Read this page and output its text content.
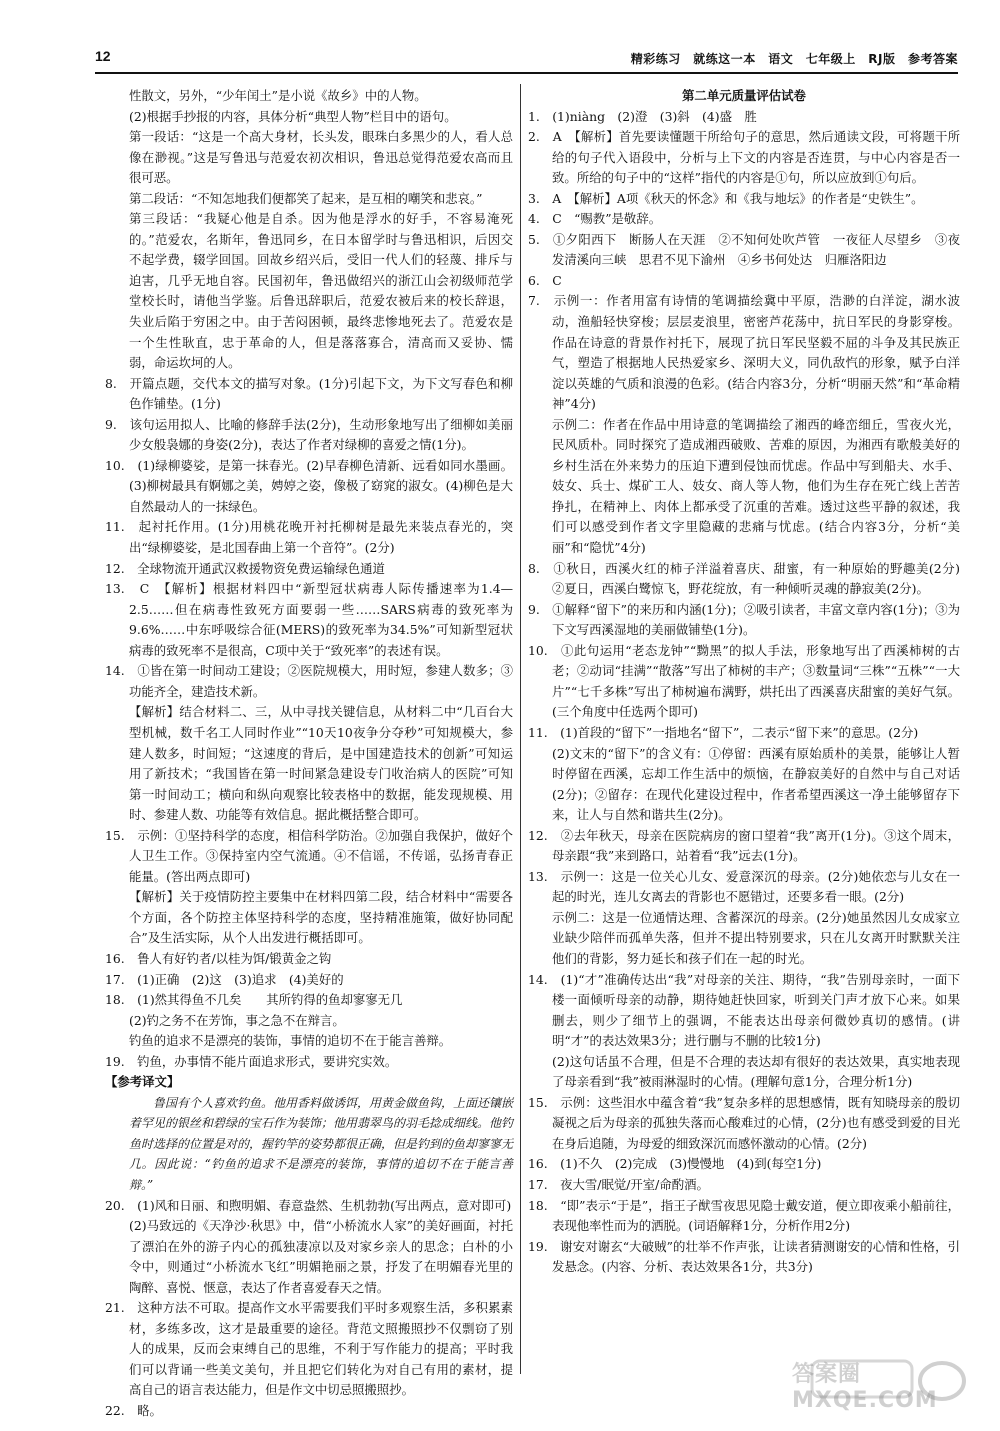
12	精彩练习　就练这一本　语文　七年级上　RJ版　参考答案

性散文，另外，“少年闰土”是小说《故乡》中的人物。

(2)根据手抄报的内容，具体分析“典型人物”栏目中的语句。

第一段话：“这是一个高大身材，长头发，眼珠白多黑少的人，看人总像在渺视。”这是写鲁迅与范爱农初次相识，鲁迅总觉得范爱农高而且很可恶。

第二段话：“不知怎地我们便都笑了起来，是互相的嘲笑和悲哀。”

第三段话：“我疑心他是自杀。因为他是浮水的好手，不容易淹死的。”范爱农，名斯年，鲁迅同乡，在日本留学时与鲁迅相识，后因交不起学费，辍学回国。回故乡绍兴后，受旧一代人们的轻蔑、排斥与迫害，几乎无地自容。民国初年，鲁迅做绍兴的浙江山会初级师范学堂校长时，请他当学鉴。后鲁迅辞职后，范爱农被后来的校长辞退，失业后陷于穷困之中。由于苦闷困顿，最终悲惨地死去了。范爱农是一个生性耿直，忠于革命的人，但是落落寡合，清高而又妥协、懦弱，命运坎坷的人。

8.　开篇点题，交代本文的描写对象。(1分)引起下文，为下文写春色和柳色作铺垫。(1分)

9.　该句运用拟人、比喻的修辞手法(2分)，生动形象地写出了细柳如美丽少女般袅娜的身姿(2分)，表达了作者对绿柳的喜爱之情(1分)。

10.　(1)绿柳婆娑，是第一抹春光。(2)早春柳色清新、远看如同水墨画。(3)柳树最具有婀娜之美，娉婷之姿，像极了窈窕的淑女。(4)柳色是大自然最动人的一抹绿色。

11.　起衬托作用。(1分)用桃花晚开衬托柳树是最先来装点春光的，突出“绿柳婆娑，是北国春曲上第一个音符”。(2分)

12.　全球物流开通武汉救援物资免费运输绿色通道

13.　C　【解析】根据材料四中“新型冠状病毒人际传播速率为1.4—2.5……但在病毒性致死方面要弱一些……SARS病毒的致死率为9.6%……中东呼吸综合征(MERS)的致死率为34.5%”可知新型冠状病毒的致死率不是很高，C项中关于“致死率”的表述有误。

14.　①皆在第一时间动工建设；②医院规模大，用时短，参建人数多；③功能齐全，建造技术新。

【解析】结合材料二、三，从中寻找关键信息，从材料二中“几百台大型机械，数千名工人同时作业”“10天10夜争分夺秒”可知规模大，参建人数多，时间短；“这速度的背后，是中国建造技术的创新”可知运用了新技术；“我国皆在第一时间紧急建设专门收治病人的医院”可知第一时间动工；横向和纵向观察比较表格中的数据，能发现规模、用时、参建人数、功能等有效信息。据此概括整合即可。

15.　示例：①坚持科学的态度，相信科学防治。②加强自我保护，做好个人卫生工作。③保持室内空气流通。④不信谣，不传谣，弘扬青春正能量。(答出两点即可)

【解析】关于疫情防控主要集中在材料四第二段，结合材料中“需要各个方面，各个防控主体坚持科学的态度，坚持精准施策，做好协同配合”及生活实际，从个人出发进行概括即可。

16.　鲁人有好钓者/以桂为饵/锻黄金之钩

17.　(1)正确　(2)这　(3)追求　(4)美好的

18.　(1)然其得鱼不几矣　　其所钓得的鱼却寥寥无几

(2)钓之务不在芳饰，事之急不在辩言。

钓鱼的追求不是漂亮的装饰，事情的追切不在于能言善辩。

19.　钓鱼，办事情不能片面追求形式，要讲究实效。

【参考译文】

鲁国有个人喜欢钓鱼。他用香料做诱饵，用黄金做鱼钩，上面还镶嵌着罕见的银丝和碧绿的宝石作为装饰；他用翡翠鸟的羽毛捻成细线。他钓鱼时选择的位置是对的，握钓竿的姿势都很正确，但是钓到的鱼却寥寥无几。因此说：“钓鱼的追求不是漂亮的装饰，事情的追切不在于能言善辩。”

20.　(1)风和日丽、和煦明媚、春意盎然、生机勃勃(写出两点，意对即可)

(2)马致远的《天净沙·秋思》中，借“小桥流水人家”的美好画面，衬托了漂泊在外的游子内心的孤独凄凉以及对家乡亲人的思念；白朴的小令中，则通过“小桥流水飞红”明媚艳丽之景，抒发了在明媚春光里的陶醉、喜悦、惬意，表达了作者喜爱春天之情。

21.　这种方法不可取。提高作文水平需要我们平时多观察生活，多积累素材，多练多改，这才是最重要的途径。背范文照搬照抄不仅剽窃了别人的成果，反而会束缚自己的思维，不利于写作能力的提高；平时我们可以背诵一些美文美句，并且把它们转化为对自己有用的素材，提高自己的语言表达能力，但是作文中切忌照搬照抄。

22.　略。

第二单元质量评估试卷

1.　(1)niàng　(2)澄　(3)斜　(4)盛　胜

2.　A　【解析】首先要读懂题干所给句子的意思，然后通读文段，可将题干所给的句子代入语段中，分析与上下文的内容是否连贯，与中心内容是否一致。所给的句子中的“这样”指代的内容是①句，所以应放到①句后。

3.　A　【解析】A项《秋天的怀念》和《我与地坛》的作者是“史铁生”。

4.　C　“赐教”是敬辞。

5.　①夕阳西下　断肠人在天涯　②不知何处吹芦管　一夜征人尽望乡　③夜发清溪向三峡　思君不见下渝州　④乡书何处达　归雁洛阳边

6.　C

7.　示例一：作者用富有诗情的笔调描绘冀中平原，浩渺的白洋淀，湖水波动，渔船轻快穿梭；层层麦浪里，密密芦花荡中，抗日军民的身影穿梭。作品在诗意的背景作衬托下，展现了抗日军民坚毅不屈的斗争及其民族正气，塑造了根据地人民热爱家乡、深明大义，同仇敌忾的形象，赋予白洋淀以英雄的气质和浪漫的色彩。(结合内容3分，分析“明丽天然”和“革命精神”4分)

示例二：作者在作品中用诗意的笔调描绘了湘西的峰峦细丘，雪夜火光，民风质朴。同时探究了造成湘西破败、苦难的原因，为湘西有歌般美好的乡村生活在外来势力的压迫下遭到侵蚀而忧虑。作品中写到船夫、水手、妓女、兵士、煤矿工人、妓女、商人等人物，他们为生存在死亡线上苦苦挣扎，在精神上、肉体上都承受了沉重的苦难。透过这些平静的叙述，我们可以感受到作者文字里隐藏的悲痛与忧虑。(结合内容3分，分析“美丽”和“隐忧”4分)

8.　①秋日，西溪火红的柿子洋溢着喜庆、甜蜜，有一种原始的野趣美(2分)　②夏日，西溪白鹭惊飞，野花绽放，有一种倾听灵魂的静寂美(2分)。

9.　①解释“留下”的来历和内涵(1分)；②吸引读者，丰富文章内容(1分)；③为下文写西溪湿地的美丽做铺垫(1分)。

10.　①此句运用“老态龙钟”“黝黑”的拟人手法，形象地写出了西溪柿树的古老；②动词“挂满”“散落”写出了柿树的丰产；③数量词“三株”“五株”“一大片”“七千多株”写出了柿树遍布满野，烘托出了西溪喜庆甜蜜的美好气氛。(三个角度中任选两个即可)

11.　(1)首段的“留下”一指地名“留下”，二表示“留下来”的意思。(2分)

(2)文末的“留下”的含义有：①停留：西溪有原始质朴的美景，能够让人暂时停留在西溪，忘却工作生活中的烦恼，在静寂美好的自然中与自己对话(2分)；②留存：在现代化建设过程中，作者希望西溪这一净土能够留存下来，让人与自然和谐共生(2分)。

12.　②去年秋天，母亲在医院病房的窗口望着“我”离开(1分)。③这个周末，母亲跟“我”来到路口，站着看“我”远去(1分)。

13.　示例一：这是一位关心儿女、爱意深沉的母亲。(2分)她依恋与儿女在一起的时光，连儿女离去的背影也不愿错过，还要多看一眼。(2分)

示例二：这是一位通情达理、含蓄深沉的母亲。(2分)她虽然因儿女成家立业缺少陪伴而孤单失落，但并不提出特别要求，只在儿女离开时默默关注他们的背影，努力延长和孩子们在一起的时光。

14.　(1)“才”准确传达出“我”对母亲的关注、期待，“我”告别母亲时，一面下楼一面倾听母亲的动静，期待她赶快回家，听到关门声才放下心来。如果删去，则少了细节上的强调，不能表达出母亲何微妙真切的感情。(讲明“才”的表达效果3分；进行删与不删的比较1分)

(2)这句话虽不合理，但是不合理的表达却有很好的表达效果，真实地表现了母亲看到“我”被雨淋湿时的心情。(理解句意1分，合理分析1分)

15.　示例：这些泪水中蕴含着“我”复杂多样的思想感情，既有知晓母亲的殷切凝视之后为母亲的孤独失落而心酸难过的心情，(2分)也有感受到爱的目光在身后追随，为母爱的细致深沉而感怀激动的心情。(2分)

16.　(1)不久　(2)完成　(3)慢慢地　(4)到(每空1分)

17.　夜大雪/眠觉/开室/命酌酒。

18.　“即”表示“于是”，指王子猷雪夜思见隐士戴安道，便立即夜乘小船前往，表现他率性而为的洒脱。(词语解释1分，分析作用2分)

19.　谢安对谢玄“大破贼”的壮举不作声张，让读者猜测谢安的心情和性格，引发悬念。(内容、分析、表达效果各1分，共3分)

答案圈 MXQE.COM
